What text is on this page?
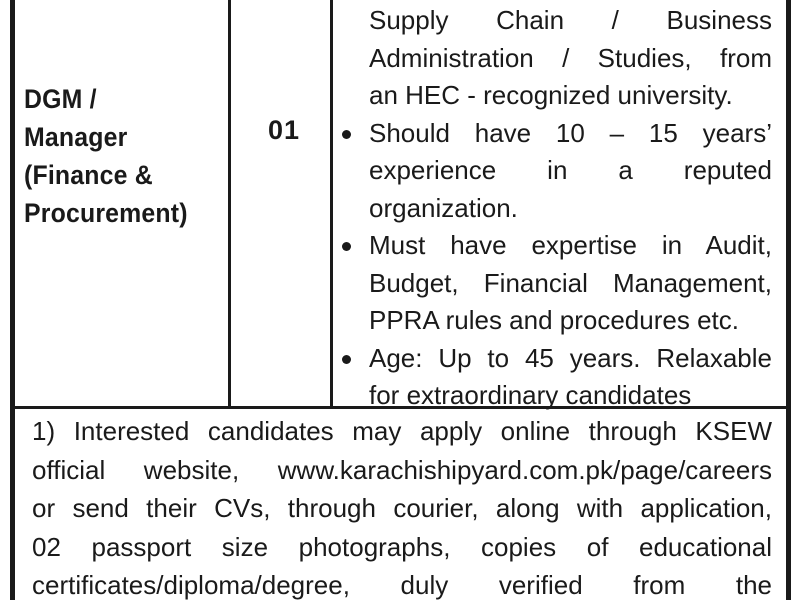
DGM /
Manager
(Finance &
Procurement)
01
Supply Chain / Business
Administration / Studies, from
an HEC - recognized university.
Should have 10 – 15 years’
experience in a reputed
organization.
Must have expertise in Audit,
Budget, Financial Management,
PPRA rules and procedures etc.
Age: Up to 45 years. Relaxable
for extraordinary candidates
1) Interested candidates may apply online through KSEW
official website, www.karachishipyard.com.pk/page/careers
or send their CVs, through courier, along with application,
02 passport size photographs, copies of educational
certificates/diploma/degree, duly verified from the
